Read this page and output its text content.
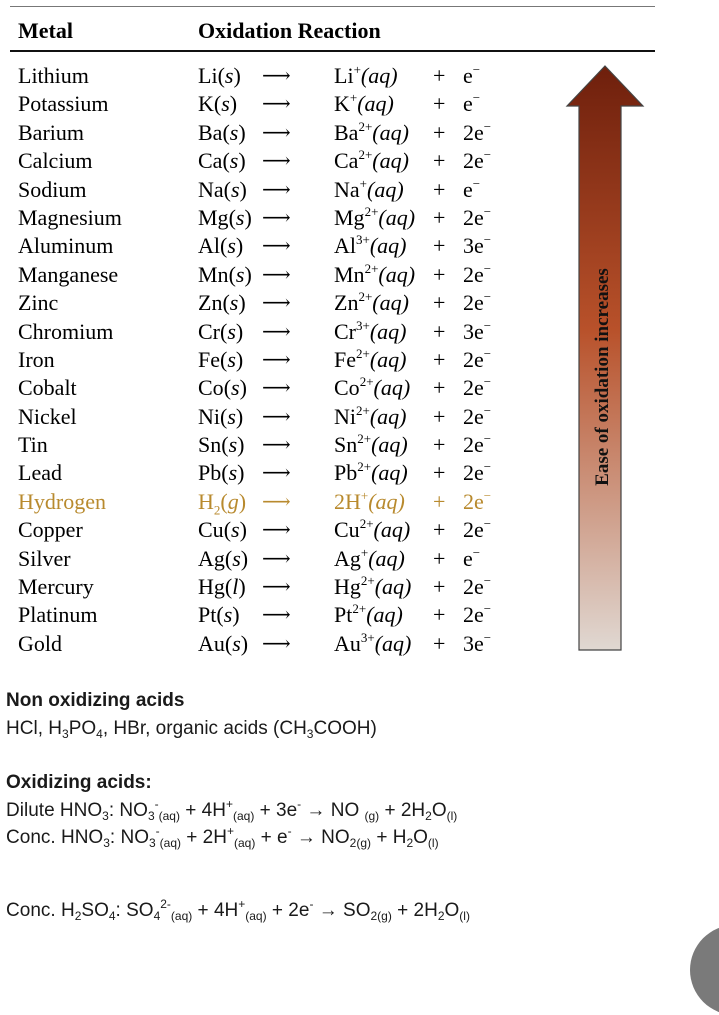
Metal	Oxidation Reaction
Lithium	Li(s) ⟶ Li+(aq) + e−
Potassium	K(s) ⟶ K+(aq) + e−
Barium	Ba(s) ⟶ $Ba^{2+}(aq) + 2e^-$
Calcium	Ca(s) ⟶ $Ca^{2+}(aq) + 2e^-$
Sodium	Na(s) ⟶ Na+(aq) + e−
Magnesium	Mg(s) ⟶ $Mg^{2+}(aq) + 2e^-$
Aluminum	Al(s) ⟶ $Al^{3+}(aq) + 3e^-$
Manganese	Mn(s) ⟶ $Mn^{2+}(aq) + 2e^-$
Zinc	Zn(s) ⟶ $Zn^{2+}(aq) + 2e^-$
Chromium	Cr(s) ⟶ $Cr^{3+}(aq) + 3e^-$
Iron	Fe(s) ⟶ $Fe^{2+}(aq) + 2e^-$
Cobalt	Co(s) ⟶ $Co^{2+}(aq) + 2e^-$
Nickel	Ni(s) ⟶ $Ni^{2+}(aq) + 2e^-$
Tin	Sn(s) ⟶ $Sn^{2+}(aq) + 2e^-$
Lead	Pb(s) ⟶ $Pb^{2+}(aq) + 2e^-$
Hydrogen	$H_2(g)$ ⟶ 2H+(aq) + 2e−
Copper	Cu(s) ⟶ $Cu^{2+}(aq) + 2e^-$
Silver	Ag(s) ⟶ Ag+(aq) + e−
Mercury	Hg(l) ⟶ $Hg^{2+}(aq) + 2e^-$
Platinum	Pt(s) ⟶ $Pt^{2+}(aq) + 2e^-$
Gold	Au(s) ⟶ $Au^{3+}(aq) + 3e^-$
Ease of oxidation increases
Non oxidizing acids
HCl, $H_3PO_4$, HBr, organic acids $(CH_3COOH)$
Oxidizing acids:
Dilute $HNO_3$: $NO_3^-_{(aq)} + 4H^+_{(aq)} + 3e^-$ → NO $_{(g)} + 2H_2O_{(l)}$
Conc. $HNO_3$: $NO_3^-_{(aq)} + 2H^+_{(aq)} + e^- \to NO_{2(g)} + H_2O_{(l)}$
Conc. $H_2SO_4$: $SO_4^{2-}_{(aq)} + 4H^+_{(aq)} + 2e^- \to SO_{2(g)} + 2H_2O_{(l)}$
